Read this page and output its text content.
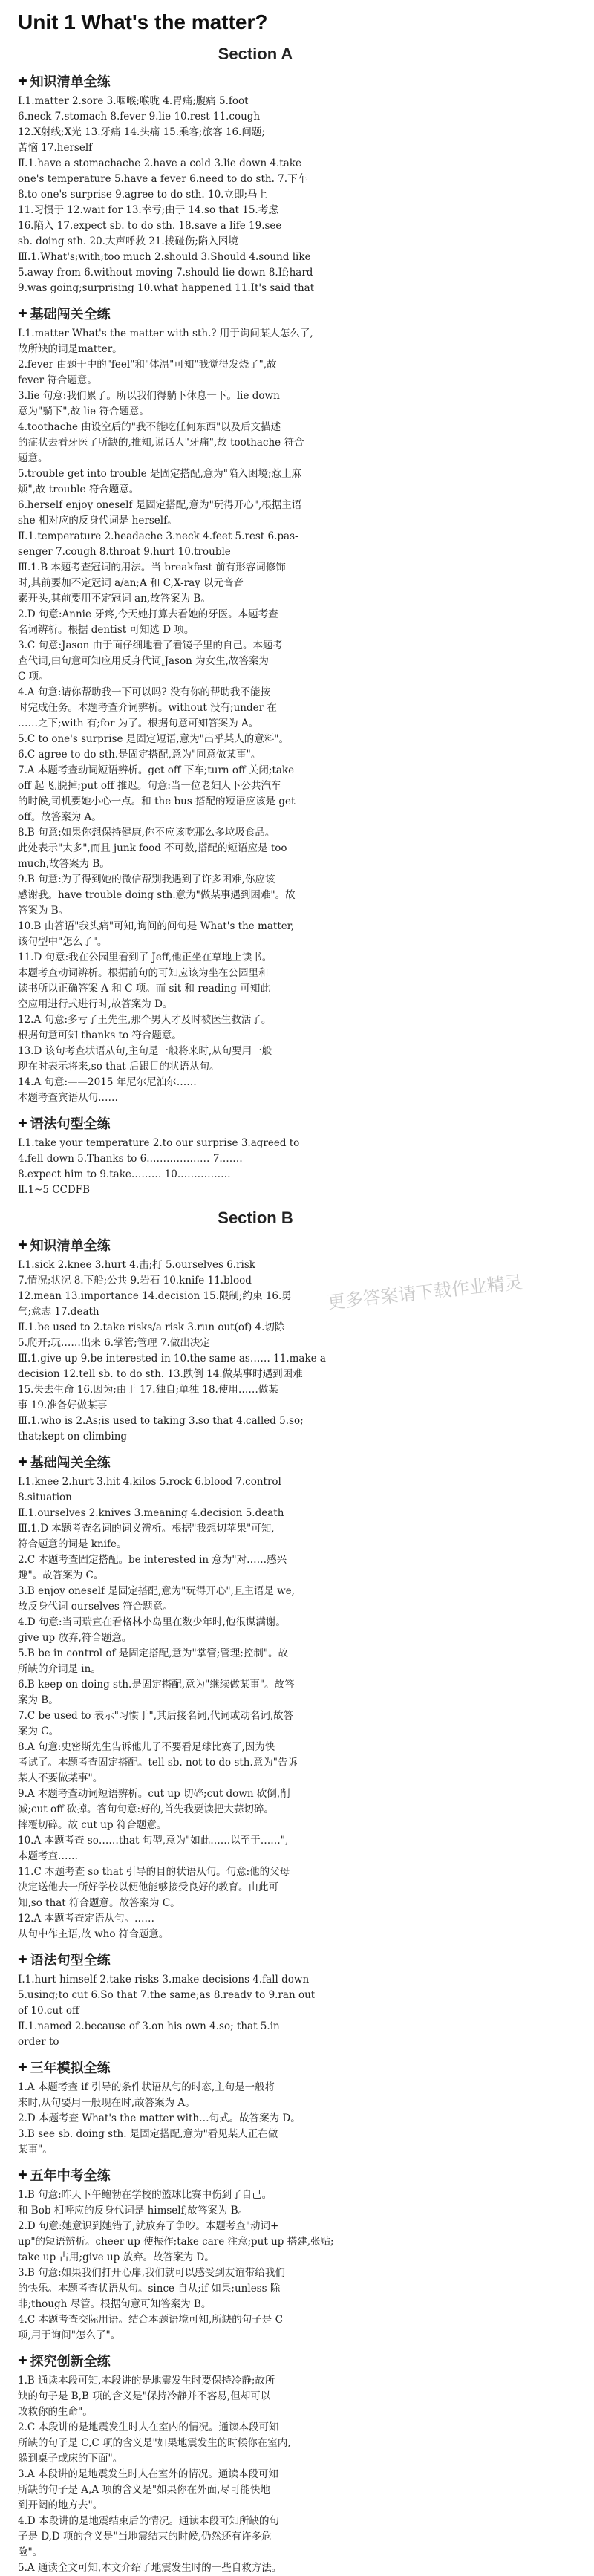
Unit 1 What's the matter?
Section A
✚ 知识清单全练

Ⅰ.1.matter 2.sore 3.咽喉;喉咙 4.胃痛;腹痛 5.foot

6.neck 7.stomach 8.fever 9.lie 10.rest 11.cough

12.X射线;X光 13.牙痛 14.头痛 15.乘客;旅客 16.问题;

苦恼 17.herself

Ⅱ.1.have a stomachache 2.have a cold 3.lie down 4.take

one's temperature 5.have a fever 6.need to do sth. 7.下车

8.to one's surprise 9.agree to do sth. 10.立即;马上

11.习惯于 12.wait for 13.幸亏;由于 14.so that 15.考虑

16.陷入 17.expect sb. to do sth. 18.save a life 19.see

sb. doing sth. 20.大声呼救 21.拨碰伤;陷入困境

Ⅲ.1.What's;with;too much 2.should 3.Should 4.sound like

5.away from 6.without moving 7.should lie down 8.If;hard

9.was going;surprising 10.what happened 11.It's said that

✚ 基础闯关全练

Ⅰ.1.matter What's the matter with sth.? 用于询问某人怎么了,

故所缺的词是matter。

2.fever 由题干中的"feel"和"体温"可知"我觉得发烧了",故

fever 符合题意。

3.lie 句意:我们累了。所以我们得躺下休息一下。lie down

意为"躺下",故 lie 符合题意。

4.toothache 由设空后的"我不能吃任何东西"以及后文描述

的症状去看牙医了所缺的,推知,说话人"牙痛",故 toothache 符合

题意。

5.trouble get into trouble 是固定搭配,意为"陷入困境;惹上麻

烦",故 trouble 符合题意。

6.herself enjoy oneself 是固定搭配,意为"玩得开心",根据主语

she 相对应的反身代词是 herself。

Ⅱ.1.temperature 2.headache 3.neck 4.feet 5.rest 6.pas-

senger 7.cough 8.throat 9.hurt 10.trouble

Ⅲ.1.B 本题考查冠词的用法。当 breakfast 前有形容词修饰

时,其前要加不定冠词 a/an;A 和 C,X-ray 以元音音

素开头,其前要用不定冠词 an,故答案为 B。

2.D 句意:Annie 牙疼,今天她打算去看她的牙医。本题考查

名词辨析。根据 dentist 可知选 D 项。

3.C 句意:Jason 由于面仔细地看了看镜子里的自己。本题考

查代词,由句意可知应用反身代词,Jason 为女生,故答案为

C 项。

4.A 句意:请你帮助我一下可以吗? 没有你的帮助我不能按

时完成任务。本题考查介词辨析。without 没有;under 在

……之下;with 有;for 为了。根据句意可知答案为 A。

5.C to one's surprise 是固定短语,意为"出乎某人的意料"。

6.C agree to do sth.是固定搭配,意为"同意做某事"。

7.A 本题考查动词短语辨析。get off 下车;turn off 关闭;take

off 起飞,脱掉;put off 推迟。句意:当一位老妇人下公共汽车

的时候,司机要她小心一点。和 the bus 搭配的短语应该是 get

off。故答案为 A。

8.B 句意:如果你想保持健康,你不应该吃那么多垃圾食品。

此处表示"太多",而且 junk food 不可数,搭配的短语应是 too

much,故答案为 B。

9.B 句意:为了得到她的微信帮别我遇到了许多困难,你应该

感谢我。have trouble doing sth.意为"做某事遇到困难"。故

答案为 B。

10.B 由答语"我头痛"可知,询问的问句是 What's the matter,

该句型中"怎么了"。

11.D 句意:我在公园里看到了 Jeff,他正坐在草地上读书。

本题考查动词辨析。根据前句的可知应该为坐在公园里和

读书所以正确答案 A 和 C 项。而 sit 和 reading 可知此

空应用进行式进行时,故答案为 D。

12.A 句意:多亏了王先生,那个男人才及时被医生救活了。

根据句意可知 thanks to 符合题意。

13.D 该句考查状语从句,主句是一般将来时,从句要用一般

现在时表示将来,so that 后跟目的状语从句。

14.A 句意:——2015 年尼尔尼泊尔……

本题考查宾语从句……

✚ 语法句型全练

Ⅰ.1.take your temperature 2.to our surprise 3.agreed to

4.fell down 5.Thanks to 6.……………… 7.……

8.expect him to 9.take……… 10.……………

Ⅱ.1~5 CCDFB

Section B
✚ 知识清单全练

Ⅰ.1.sick 2.knee 3.hurt 4.击;打 5.ourselves 6.risk

7.情况;状况 8.下船;公共 9.岩石 10.knife 11.blood

12.mean 13.importance 14.decision 15.限制;约束 16.勇

气;意志 17.death

Ⅱ.1.be used to 2.take risks/a risk 3.run out(of) 4.切除

5.爬开;玩……出来 6.掌管;管理 7.做出决定

Ⅲ.1.give up 9.be interested in 10.the same as…… 11.make a

decision 12.tell sb. to do sth. 13.跌倒 14.做某事时遇到困难

15.失去生命 16.因为;由于 17.独自;单独 18.使用……做某

事 19.准备好做某事

Ⅲ.1.who is 2.As;is used to taking 3.so that 4.called 5.so;

that;kept on climbing

✚ 基础闯关全练

Ⅰ.1.knee 2.hurt 3.hit 4.kilos 5.rock 6.blood 7.control

8.situation

Ⅱ.1.ourselves 2.knives 3.meaning 4.decision 5.death

Ⅲ.1.D 本题考查名词的词义辨析。根据"我想切苹果"可知,

符合题意的词是 knife。

2.C 本题考查固定搭配。be interested in 意为"对……感兴

趣"。故答案为 C。

3.B enjoy oneself 是固定搭配,意为"玩得开心",且主语是 we,

故反身代词 ourselves 符合题意。

4.D 句意:当司瑞宣在看格林小岛里在数少年时,他很谋满谢。

give up 放弃,符合题意。

5.B be in control of 是固定搭配,意为"掌管;管理;控制"。故

所缺的介词是 in。

6.B keep on doing sth.是固定搭配,意为"继续做某事"。故答

案为 B。

7.C be used to 表示"习惯于",其后接名词,代词或动名词,故答

案为 C。

8.A 句意:史密斯先生告诉他儿子不要看足球比赛了,因为快

考试了。本题考查固定搭配。tell sb. not to do sth.意为"告诉

某人不要做某事"。

9.A 本题考查动词短语辨析。cut up 切碎;cut down 砍倒,削

减;cut off 砍掉。答句句意:好的,首先我要读把大蒜切碎。

摔覆切碎。故 cut up 符合题意。

10.A 本题考查 so……that 句型,意为"如此……以至于……",

本题考查……

11.C 本题考查 so that 引导的目的状语从句。句意:他的父母

决定送他去一所好学校以便他能够接受良好的教育。由此可

知,so that 符合题意。故答案为 C。

12.A 本题考查定语从句。……

从句中作主语,故 who 符合题意。

✚ 语法句型全练

Ⅰ.1.hurt himself 2.take risks 3.make decisions 4.fall down

5.using;to cut 6.So that 7.the same;as 8.ready to 9.ran out

of 10.cut off

Ⅱ.1.named 2.because of 3.on his own 4.so; that 5.in

order to

✚ 三年模拟全练

1.A 本题考查 if 引导的条件状语从句的时态,主句是一般将

来时,从句要用一般现在时,故答案为 A。

2.D 本题考查 What's the matter with…句式。故答案为 D。

3.B see sb. doing sth. 是固定搭配,意为"看见某人正在做

某事"。

✚ 五年中考全练

1.B 句意:昨天下午鲍勃在学校的篮球比赛中伤到了自己。

和 Bob 相呼应的反身代词是 himself,故答案为 B。

2.D 句意:她意识到她错了,就放弃了争吵。本题考查"动词+

up"的短语辨析。cheer up 使振作;take care 注意;put up 搭建,张贴;

take up 占用;give up 放弃。故答案为 D。

3.B 句意:如果我们打开心扉,我们就可以感受到友谊带给我们

的快乐。本题考查状语从句。since 自从;if 如果;unless 除

非;though 尽管。根据句意可知答案为 B。

4.C 本题考查交际用语。结合本题语境可知,所缺的句子是 C

项,用于询问"怎么了"。

✚ 探究创新全练

1.B 通读本段可知,本段讲的是地震发生时要保持冷静;故所

缺的句子是 B,B 项的含义是"保持冷静并不容易,但却可以

改救你的生命"。

2.C 本段讲的是地震发生时人在室内的情况。通读本段可知

所缺的句子是 C,C 项的含义是"如果地震发生的时候你在室内,

躲到桌子或床的下面"。

3.A 本段讲的是地震发生时人在室外的情况。通读本段可知

所缺的句子是 A,A 项的含义是"如果你在外面,尽可能快地

到开阔的地方去"。

4.D 本段讲的是地震结束后的情况。通读本段可知所缺的句

子是 D,D 项的含义是"当地震结束的时候,仍然还有许多危

险"。

5.A 通读全文可知,本文介绍了地震发生时的一些自救方法。

更多答案请下载作业精灵
